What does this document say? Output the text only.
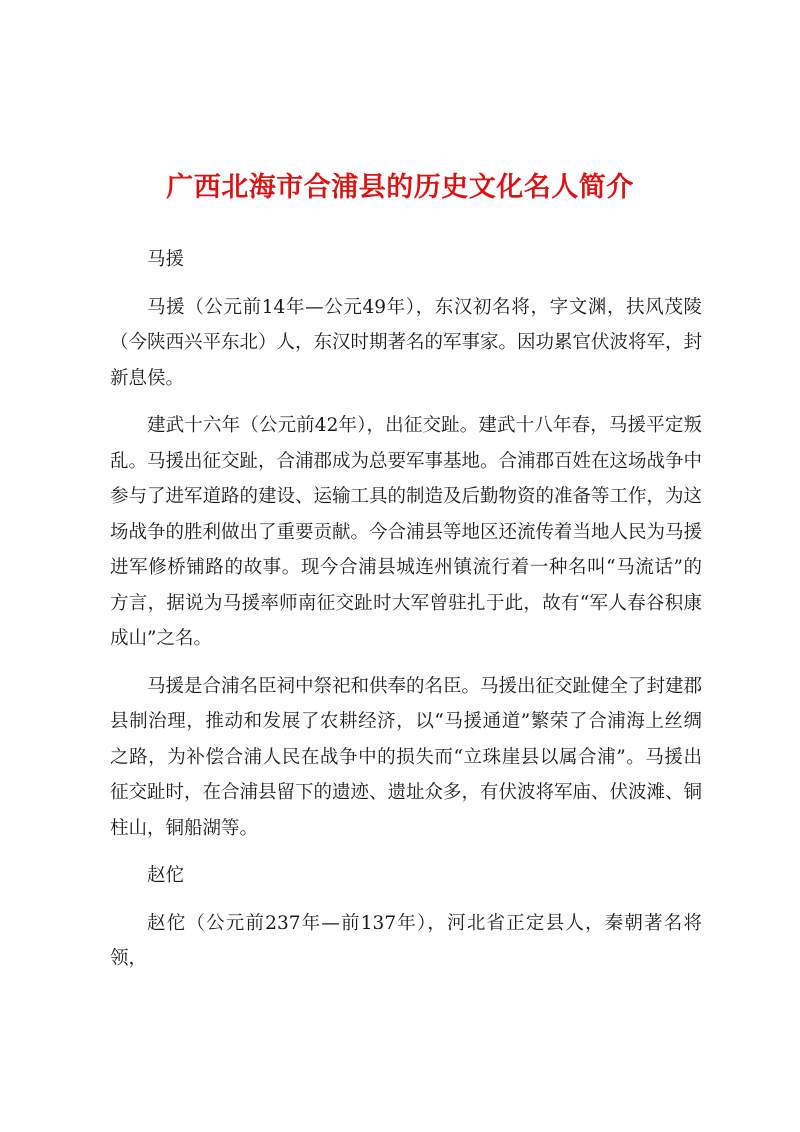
广西北海市合浦县的历史文化名人简介

马援

马援（公元前14年—公元49年），东汉初名将，字文渊，扶风茂陵（今陕西兴平东北）人，东汉时期著名的军事家。因功累官伏波将军，封新息侯。

建武十六年（公元前42年），出征交趾。建武十八年春，马援平定叛乱。马援出征交趾，合浦郡成为总要军事基地。合浦郡百姓在这场战争中参与了进军道路的建设、运输工具的制造及后勤物资的准备等工作，为这场战争的胜利做出了重要贡献。今合浦县等地区还流传着当地人民为马援进军修桥铺路的故事。现今合浦县城连州镇流行着一种名叫“马流话”的方言，据说为马援率师南征交趾时大军曾驻扎于此，故有“军人春谷积康成山”之名。

马援是合浦名臣祠中祭祀和供奉的名臣。马援出征交趾健全了封建郡县制治理，推动和发展了农耕经济，以“马援通道”繁荣了合浦海上丝绸之路，为补偿合浦人民在战争中的损失而“立珠崖县以属合浦”。马援出征交趾时，在合浦县留下的遗迹、遗址众多，有伏波将军庙、伏波滩、铜柱山，铜船湖等。

赵佗

赵佗（公元前237年—前137年），河北省正定县人，秦朝著名将领，
